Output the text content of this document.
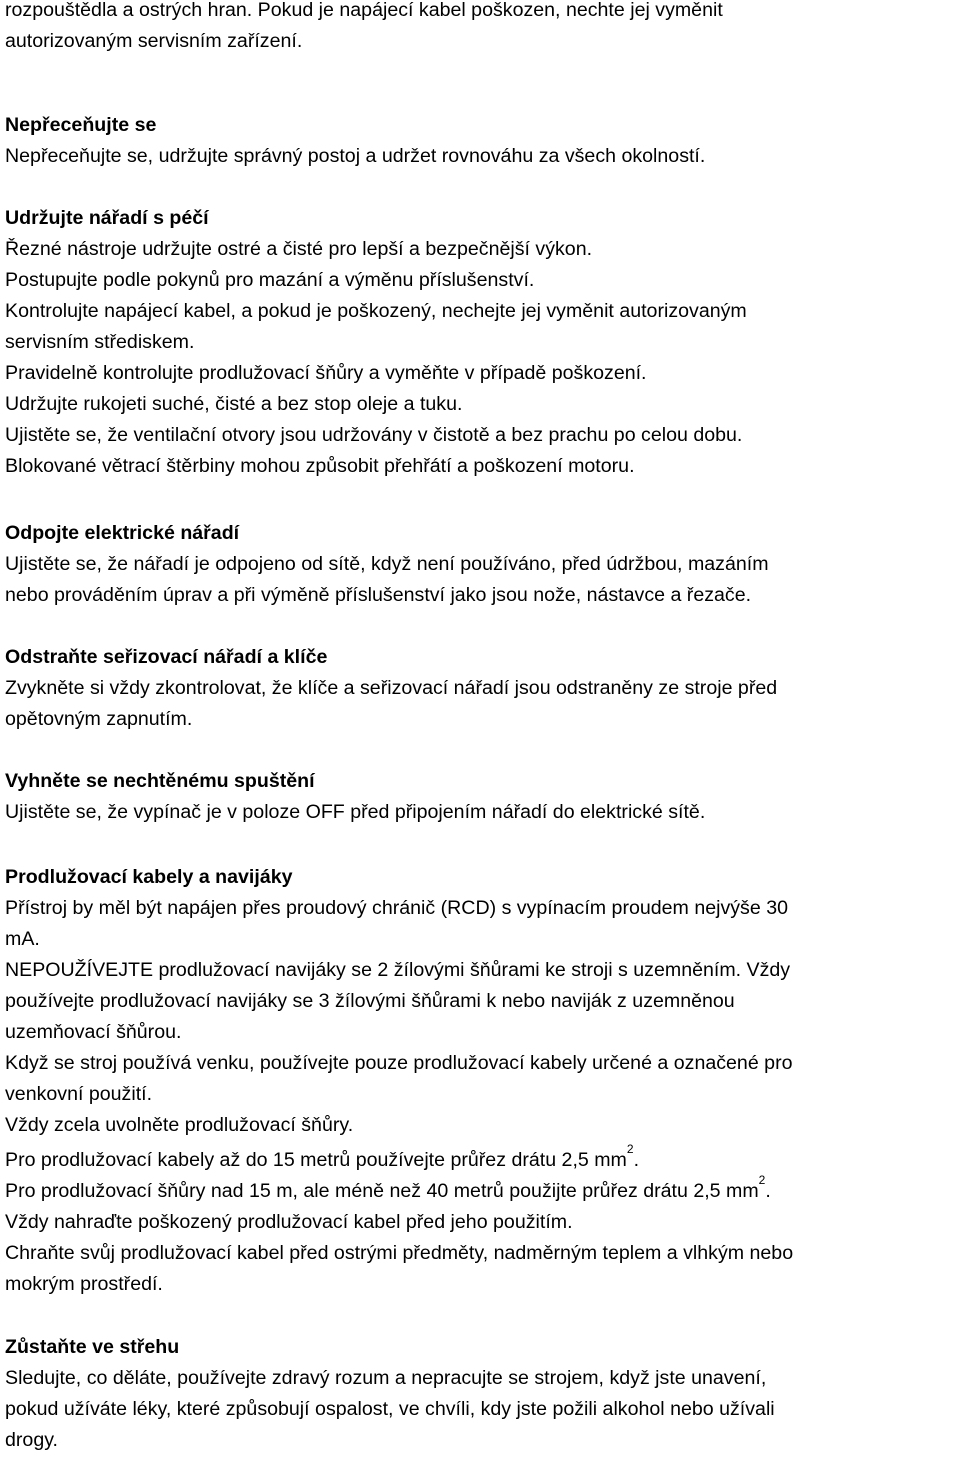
rozpouštědla a ostrých hran. Pokud je napájecí kabel poškozen, nechte jej vyměnit
autorizovaným servisním zařízení.
Nepřeceňujte se
Nepřeceňujte se, udržujte správný postoj a udržet rovnováhu za všech okolností.
Udržujte nářadí s péčí
Řezné nástroje udržujte ostré a čisté pro lepší a bezpečnější výkon.
Postupujte podle pokynů pro mazání a výměnu příslušenství.
Kontrolujte napájecí kabel, a pokud je poškozený, nechejte jej vyměnit autorizovaným
servisním střediskem.
Pravidelně kontrolujte prodlužovací šňůry a vyměňte v případě poškození.
Udržujte rukojeti suché, čisté a bez stop oleje a tuku.
Ujistěte se, že ventilační otvory jsou udržovány v čistotě a bez prachu po celou dobu.
Blokované větrací štěrbiny mohou způsobit přehřátí a poškození motoru.
Odpojte elektrické nářadí
Ujistěte se, že nářadí je odpojeno od sítě, když není používáno, před údržbou, mazáním
nebo prováděním úprav a při výměně příslušenství jako jsou nože, nástavce a řezače.
Odstraňte seřizovací nářadí a klíče
Zvykněte si vždy zkontrolovat, že klíče a seřizovací nářadí jsou odstraněny ze stroje před
opětovným zapnutím.
Vyhněte se nechtěnému spuštění
Ujistěte se, že vypínač je v poloze OFF před připojením nářadí do elektrické sítě.
Prodlužovací kabely a navijáky
Přístroj by měl být napájen přes proudový chránič (RCD) s vypínacím proudem nejvýše 30
mA.
NEPOUŽÍVEJTE prodlužovací navijáky se 2 žílovými šňůrami ke stroji s uzemněním. Vždy
používejte prodlužovací navijáky se 3 žílovými šňůrami k nebo naviják z uzemněnou
uzemňovací šňůrou.
Když se stroj používá venku, používejte pouze prodlužovací kabely určené a označené pro
venkovní použití.
Vždy zcela uvolněte prodlužovací šňůry.
Pro prodlužovací kabely až do 15 metrů používejte průřez drátu 2,5 $mm^2$.
Pro prodlužovací šňůry nad 15 m, ale méně než 40 metrů použijte průřez drátu 2,5 $mm^2$.
Vždy nahraďte poškozený prodlužovací kabel před jeho použitím.
Chraňte svůj prodlužovací kabel před ostrými předměty, nadměrným teplem a vlhkým nebo
mokrým prostředí.
Zůstaňte ve střehu
Sledujte, co děláte, používejte zdravý rozum a nepracujte se strojem, když jste unavení,
pokud užíváte léky, které způsobují ospalost, ve chvíli, kdy jste požili alkohol nebo užívali
drogy.
